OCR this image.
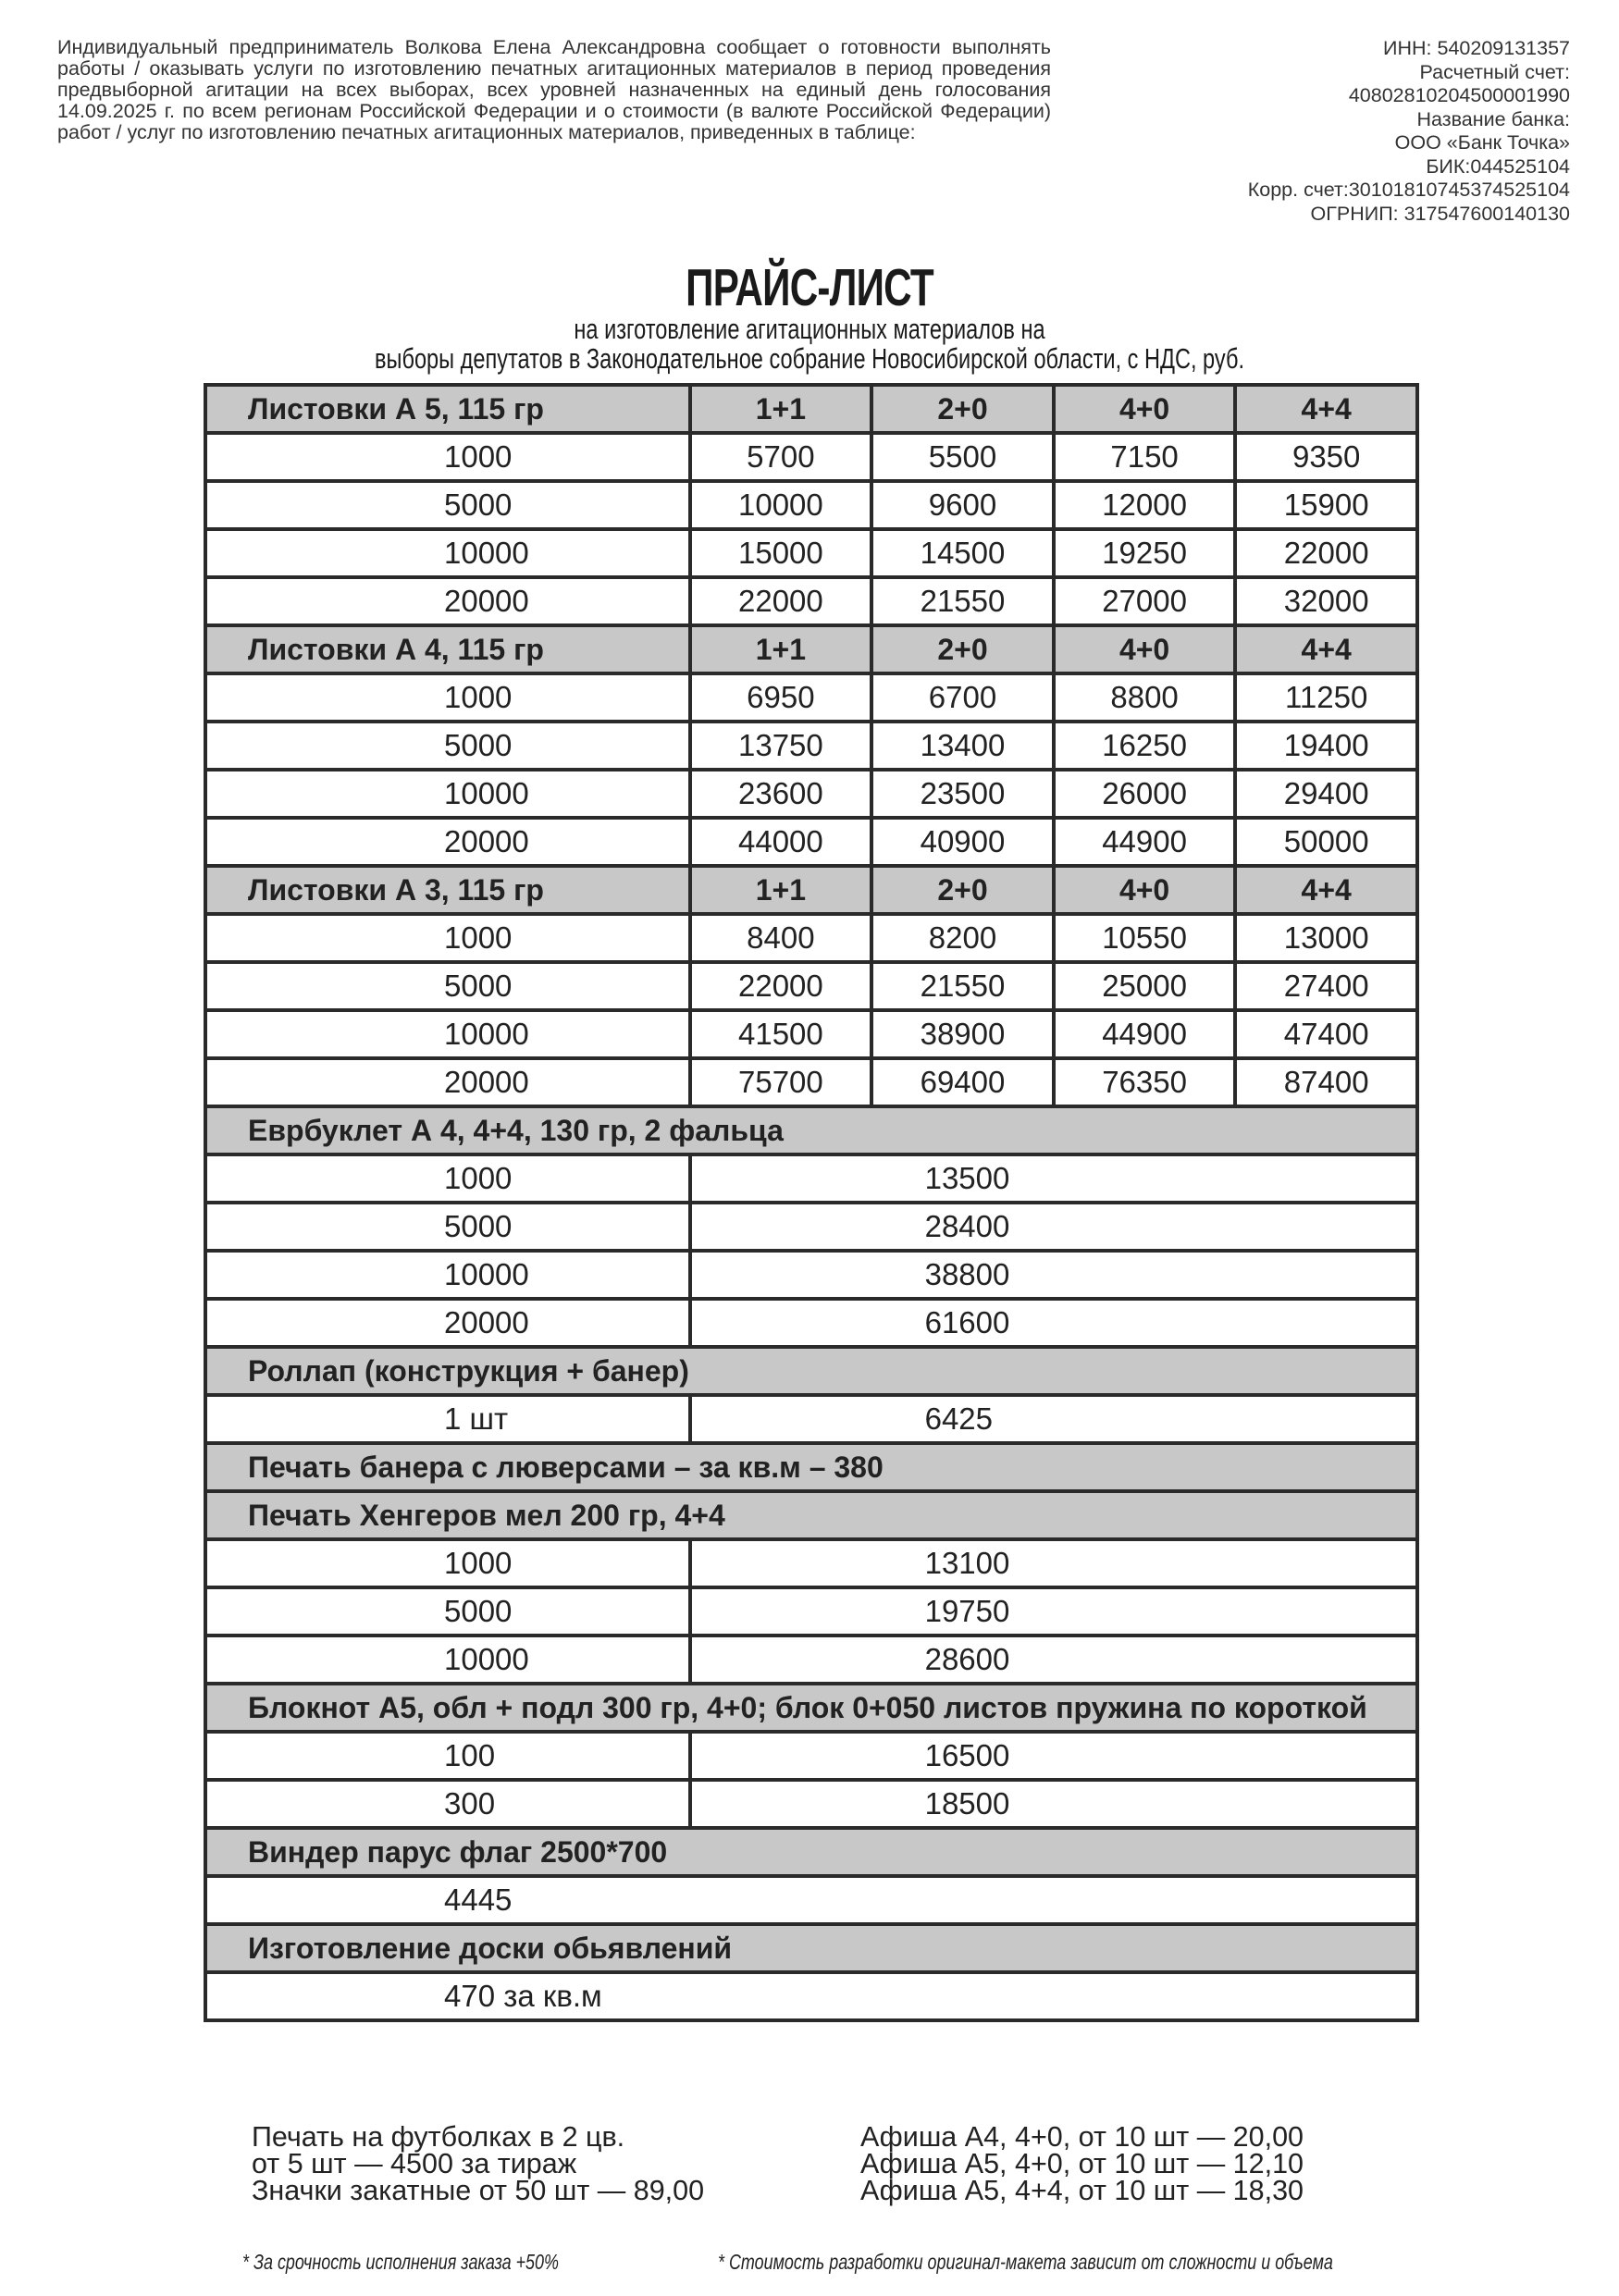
Индивидуальный предприниматель Волкова Елена Александровна сообщает о готовности выполнять работы / оказывать услуги по изготовлению печатных агитационных материалов в период проведения предвыборной агитации на всех выборах, всех уровней назначенных на единый день голосования 14.09.2025 г. по всем регионам Российской Федерации и о стоимости (в валюте Российской Федерации) работ / услуг по изготовлению печатных агитационных материалов, приведенных в таблице:
ИНН: 540209131357
Расчетный счет:
40802810204500001990
Название банка:
ООО «Банк Точка»
БИК:044525104
Корр. счет:30101810745374525104
ОГРНИП: 317547600140130
ПРАЙС-ЛИСТ
на изготовление агитационных материалов на
выборы депутатов в Законодательное собрание Новосибирской области, с НДС, руб.
Листовки А 5, 115 гр	1+1	2+0	4+0	4+4
1000	5700	5500	7150	9350
5000	10000	9600	12000	15900
10000	15000	14500	19250	22000
20000	22000	21550	27000	32000
Листовки А 4, 115 гр	1+1	2+0	4+0	4+4
1000	6950	6700	8800	11250
5000	13750	13400	16250	19400
10000	23600	23500	26000	29400
20000	44000	40900	44900	50000
Листовки А 3, 115 гр	1+1	2+0	4+0	4+4
1000	8400	8200	10550	13000
5000	22000	21550	25000	27400
10000	41500	38900	44900	47400
20000	75700	69400	76350	87400
Еврбуклет А 4, 4+4, 130 гр, 2 фальца				
1000	13500			
5000	28400			
10000	38800			
20000	61600			
Роллап (конструкция + банер)				
1 шт	6425			
Печать банера с люверсами – за кв.м – 380				
Печать Хенгеров мел 200 гр, 4+4				
1000	13100			
5000	19750			
10000	28600			
Блокнот А5, обл + подл 300 гр, 4+0; блок 0+050 листов пружина по короткой				
100	16500			
300	18500			
Виндер парус флаг 2500*700				
4445				
Изготовление доски обьявлений				
470 за кв.м				
Печать на футболках в 2 цв.
от 5 шт — 4500 за тираж
Значки закатные от 50 шт — 89,00
Афиша А4, 4+0, от 10 шт — 20,00
Афиша А5, 4+0, от 10 шт — 12,10
Афиша А5, 4+4, от 10 шт — 18,30
* За срочность исполнения заказа +50%	* Стоимость разработки оригинал-макета зависит от сложности и объема
